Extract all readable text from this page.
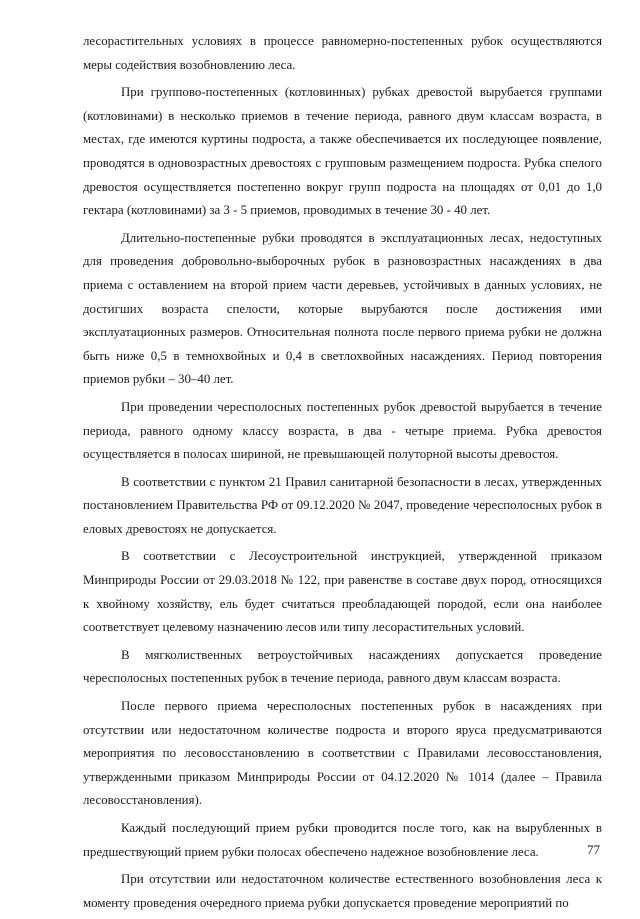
лесорастительных условиях в процессе равномерно-постепенных рубок осуществляются меры содействия возобновлению леса.

При группово-постепенных (котловинных) рубках древостой вырубается группами (котловинами) в несколько приемов в течение периода, равного двум классам возраста, в местах, где имеются куртины подроста, а также обеспечивается их последующее появление, проводятся в одновозрастных древостоях с групповым размещением подроста. Рубка спелого древостоя осуществляется постепенно вокруг групп подроста на площадях от 0,01 до 1,0 гектара (котловинами) за 3 - 5 приемов, проводимых в течение 30 - 40 лет.

Длительно-постепенные рубки проводятся в эксплуатационных лесах, недоступных для проведения добровольно-выборочных рубок в разновозрастных насаждениях в два приема с оставлением на второй прием части деревьев, устойчивых в данных условиях, не достигших возраста спелости, которые вырубаются после достижения ими эксплуатационных размеров. Относительная полнота после первого приема рубки не должна быть ниже 0,5 в темнохвойных и 0,4 в светлохвойных насаждениях. Период повторения приемов рубки – 30–40 лет.

При проведении чересполосных постепенных рубок древостой вырубается в течение периода, равного одному классу возраста, в два - четыре приема. Рубка древостоя осуществляется в полосах шириной, не превышающей полуторной высоты древостоя.

В соответствии с пунктом 21 Правил санитарной безопасности в лесах, утвержденных постановлением Правительства РФ от 09.12.2020 № 2047, проведение чересполосных рубок в еловых древостоях не допускается.

В соответствии с Лесоустроительной инструкцией, утвержденной приказом Минприроды России от 29.03.2018 № 122, при равенстве в составе двух пород, относящихся к хвойному хозяйству, ель будет считаться преобладающей породой, если она наиболее соответствует целевому назначению лесов или типу лесорастительных условий.

В мягколиственных ветроустойчивых насаждениях допускается проведение чересполосных постепенных рубок в течение периода, равного двум классам возраста.

После первого приема чересполосных постепенных рубок в насаждениях при отсутствии или недостаточном количестве подроста и второго яруса предусматриваются мероприятия по лесовосстановлению в соответствии с Правилами лесовосстановления, утвержденными приказом Минприроды России от 04.12.2020 № 1014 (далее – Правила лесовосстановления).

Каждый последующий прием рубки проводится после того, как на вырубленных в предшествующий прием рубки полосах обеспечено надежное возобновление леса.

При отсутствии или недостаточном количестве естественного возобновления леса к моменту проведения очередного приема рубки допускается проведение мероприятий по

77
